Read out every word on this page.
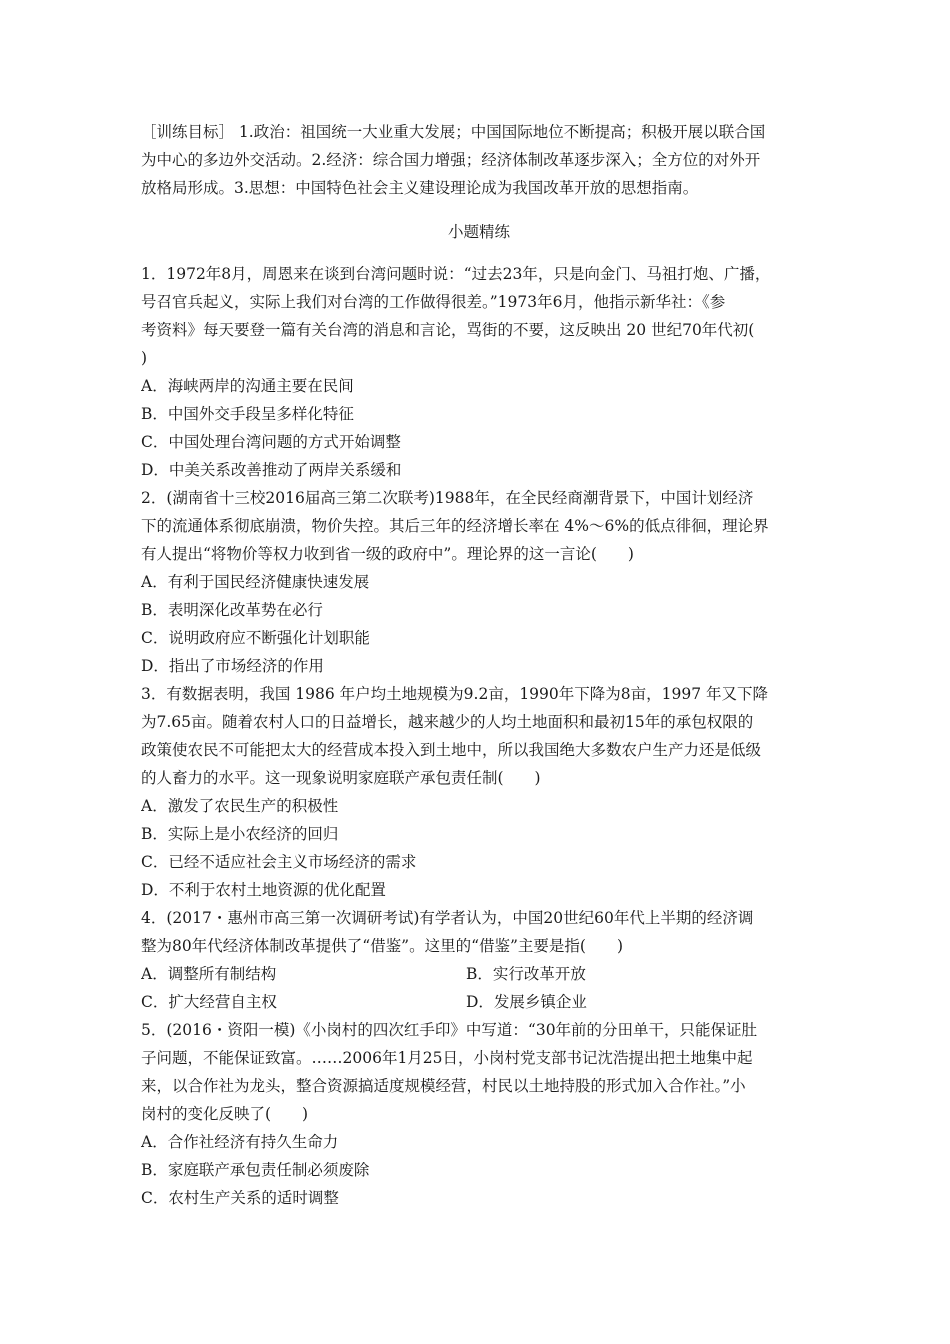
［训练目标］ 1.政治：祖国统一大业重大发展；中国国际地位不断提高；积极开展以联合国
为中心的多边外交活动。2.经济：综合国力增强；经济体制改革逐步深入；全方位的对外开
放格局形成。3.思想：中国特色社会主义建设理论成为我国改革开放的思想指南。
小题精练
1．1972年8月，周恩来在谈到台湾问题时说：“过去23年，只是向金门、马祖打炮、广播，
号召官兵起义，实际上我们对台湾的工作做得很差。”1973年6月，他指示新华社：《参
考资料》每天要登一篇有关台湾的消息和言论，骂街的不要，这反映出 20 世纪70年代初(
)
A．海峡两岸的沟通主要在民间
B．中国外交手段呈多样化特征
C．中国处理台湾问题的方式开始调整
D．中美关系改善推动了两岸关系缓和
2．(湖南省十三校2016届高三第二次联考)1988年，在全民经商潮背景下，中国计划经济
下的流通体系彻底崩溃，物价失控。其后三年的经济增长率在 4%～6%的低点徘徊，理论界
有人提出“将物价等权力收到省一级的政府中”。理论界的这一言论(　　)
A．有利于国民经济健康快速发展
B．表明深化改革势在必行
C．说明政府应不断强化计划职能
D．指出了市场经济的作用
3．有数据表明，我国 1986 年户均土地规模为9.2亩，1990年下降为8亩，1997 年又下降
为7.65亩。随着农村人口的日益增长，越来越少的人均土地面积和最初15年的承包权限的
政策使农民不可能把太大的经营成本投入到土地中，所以我国绝大多数农户生产力还是低级
的人畜力的水平。这一现象说明家庭联产承包责任制(　　)
A．激发了农民生产的积极性
B．实际上是小农经济的回归
C．已经不适应社会主义市场经济的需求
D．不利于农村土地资源的优化配置
4．(2017・惠州市高三第一次调研考试)有学者认为，中国20世纪60年代上半期的经济调
整为80年代经济体制改革提供了“借鉴”。这里的“借鉴”主要是指(　　)
A．调整所有制结构	B．实行改革开放
C．扩大经营自主权	D．发展乡镇企业
5．(2016・资阳一模)《小岗村的四次红手印》中写道：“30年前的分田单干，只能保证肚
子问题，不能保证致富。……2006年1月25日，小岗村党支部书记沈浩提出把土地集中起
来，以合作社为龙头，整合资源搞适度规模经营，村民以土地持股的形式加入合作社。”小
岗村的变化反映了(　　)
A．合作社经济有持久生命力
B．家庭联产承包责任制必须废除
C．农村生产关系的适时调整
